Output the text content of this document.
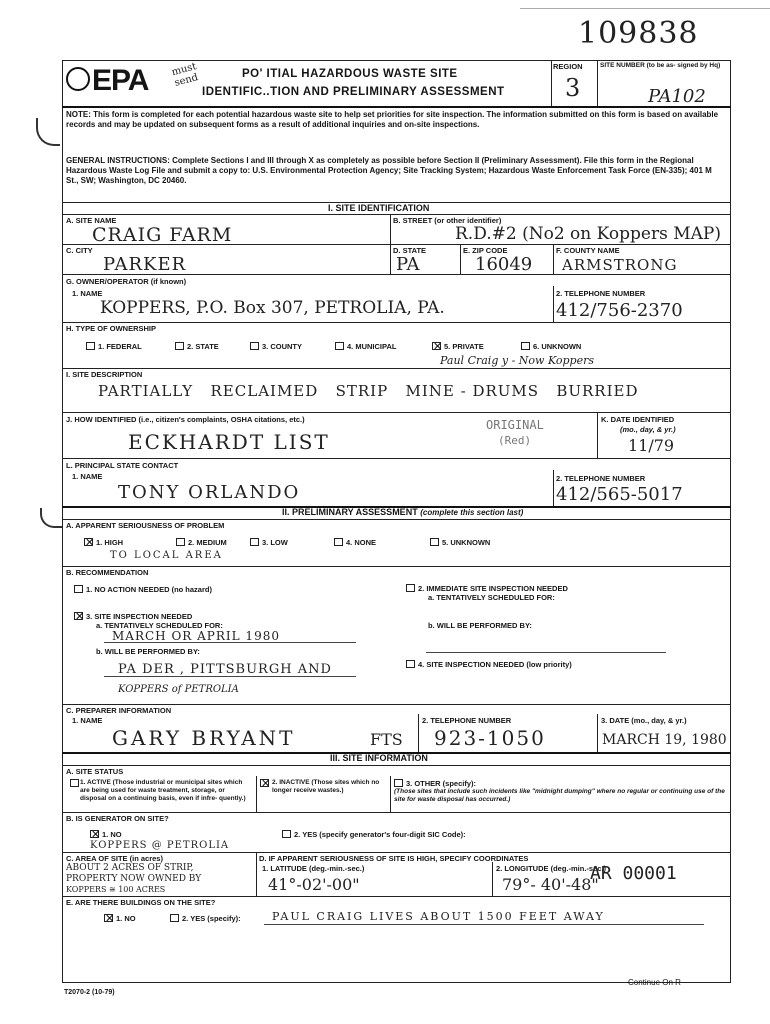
109838
EPA must
send	PO' ITIAL HAZARDOUS WASTE SITE
IDENTIFIC..TION AND PRELIMINARY ASSESSMENT
REGION
3
SITE NUMBER (to be as- signed by Hq)
PA102
NOTE: This form is completed for each potential hazardous waste site to help set priorities for site inspection. The information submitted on this form is based on available records and may be updated on subsequent forms as a result of additional inquiries and on-site inspections.
GENERAL INSTRUCTIONS: Complete Sections I and III through X as completely as possible before Section II (Preliminary Assessment). File this form in the Regional Hazardous Waste Log File and submit a copy to: U.S. Environmental Protection Agency; Site Tracking System; Hazardous Waste Enforcement Task Force (EN-335); 401 M St., SW; Washington, DC 20460.
I. SITE IDENTIFICATION
A. SITE NAME
CRAIG FARM
B. STREET (or other identifier)
R.D.#2 (No2 on Koppers MAP)
C. CITY
PARKER
D. STATE
PA
E. ZIP CODE
16049
F. COUNTY NAME
ARMSTRONG
G. OWNER/OPERATOR (if known)
1. NAME
KOPPERS, P.O. Box 307, PETROLIA, PA.
2. TELEPHONE NUMBER
412/756-2370
H. TYPE OF OWNERSHIP
1. FEDERAL	2. STATE	3. COUNTY	4. MUNICIPAL	✕ 5. PRIVATE	6. UNKNOWN
Paul Craig y - Now Koppers
I. SITE DESCRIPTION
PARTIALLY   RECLAIMED   STRIP   MINE - DRUMS   BURRIED
J. HOW IDENTIFIED (i.e., citizen's complaints, OSHA citations, etc.)
ECKHARDT LIST
ORIGINAL
(Red)
K. DATE IDENTIFIED
(mo., day, & yr.)
11/79
L. PRINCIPAL STATE CONTACT
1. NAME
TONY ORLANDO
2. TELEPHONE NUMBER
412/565-5017
II. PRELIMINARY ASSESSMENT (complete this section last)
A. APPARENT SERIOUSNESS OF PROBLEM
✕ 1. HIGH	2. MEDIUM	3. LOW	4. NONE	5. UNKNOWN
TO LOCAL AREA
B. RECOMMENDATION
1. NO ACTION NEEDED (no hazard)	2. IMMEDIATE SITE INSPECTION NEEDED
a. TENTATIVELY SCHEDULED FOR:
✕ 3. SITE INSPECTION NEEDED
a. TENTATIVELY SCHEDULED FOR:
MARCH OR APRIL 1980
b. WILL BE PERFORMED BY:
PA DER , PITTSBURGH AND
KOPPERS of PETROLIA
b. WILL BE PERFORMED BY:
4. SITE INSPECTION NEEDED (low priority)
C. PREPARER INFORMATION
1. NAME
GARY BRYANT	FTS
2. TELEPHONE NUMBER
923-1050
3. DATE (mo., day, & yr.)
MARCH 19, 1980
III. SITE INFORMATION
A. SITE STATUS
1. ACTIVE (Those industrial or municipal sites which are being used for waste treatment, storage, or disposal on a continuing basis, even if infre- quently.)
✕ 2. INACTIVE (Those sites which no longer receive wastes.)
3. OTHER (specify):
(Those sites that include such incidents like "midnight dumping" where no regular or continuing use of the site for waste disposal has occurred.)
B. IS GENERATOR ON SITE?
✕ 1. NO	2. YES (specify generator's four-digit SIC Code):
KOPPERS @ PETROLIA
C. AREA OF SITE (in acres)
ABOUT 2 ACRES OF STRIP,
PROPERTY NOW OWNED BY
KOPPERS ≅ 100 ACRES
D. IF APPARENT SERIOUSNESS OF SITE IS HIGH, SPECIFY COORDINATES
1. LATITUDE (deg.-min.-sec.)
41°-02'-00"
2. LONGITUDE (deg.-min.-sec.)
79°- 40'-48"
AR 00001
E. ARE THERE BUILDINGS ON THE SITE?
✕ 1. NO	2. YES (specify):	PAUL CRAIG LIVES ABOUT 1500 FEET AWAY
T2070-2 (10-79)
Continue On R
